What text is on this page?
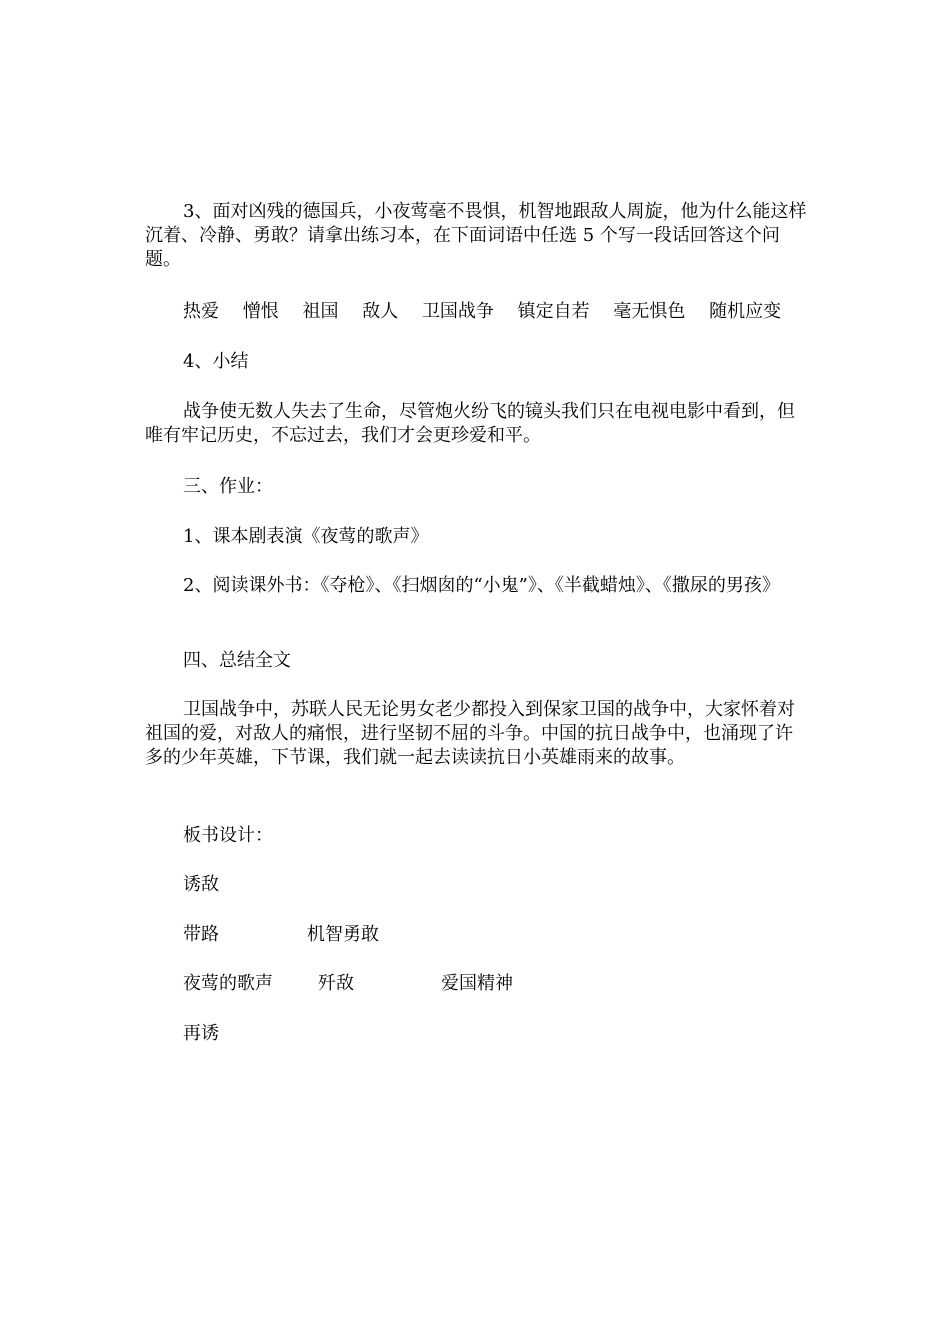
3、面对凶残的德国兵，小夜莺毫不畏惧，机智地跟敌人周旋，他为什么能这样沉着、冷静、勇敢？请拿出练习本，在下面词语中任选 5 个写一段话回答这个问题。

热爱 憎恨 祖国 敌人 卫国战争 镇定自若 毫无惧色 随机应变

4、小结

战争使无数人失去了生命，尽管炮火纷飞的镜头我们只在电视电影中看到，但唯有牢记历史，不忘过去，我们才会更珍爱和平。

三、作业：

1、课本剧表演《夜莺的歌声》

2、阅读课外书：《夺枪》、《扫烟囱的“小鬼”》、《半截蜡烛》、《撒尿的男孩》

四、总结全文

卫国战争中，苏联人民无论男女老少都投入到保家卫国的战争中，大家怀着对祖国的爱，对敌人的痛恨，进行坚韧不屈的斗争。中国的抗日战争中，也涌现了许多的少年英雄，下节课，我们就一起去读读抗日小英雄雨来的故事。

板书设计：
诱敌
带路	机智勇敢
夜莺的歌声	歼敌	爱国精神
再诱
